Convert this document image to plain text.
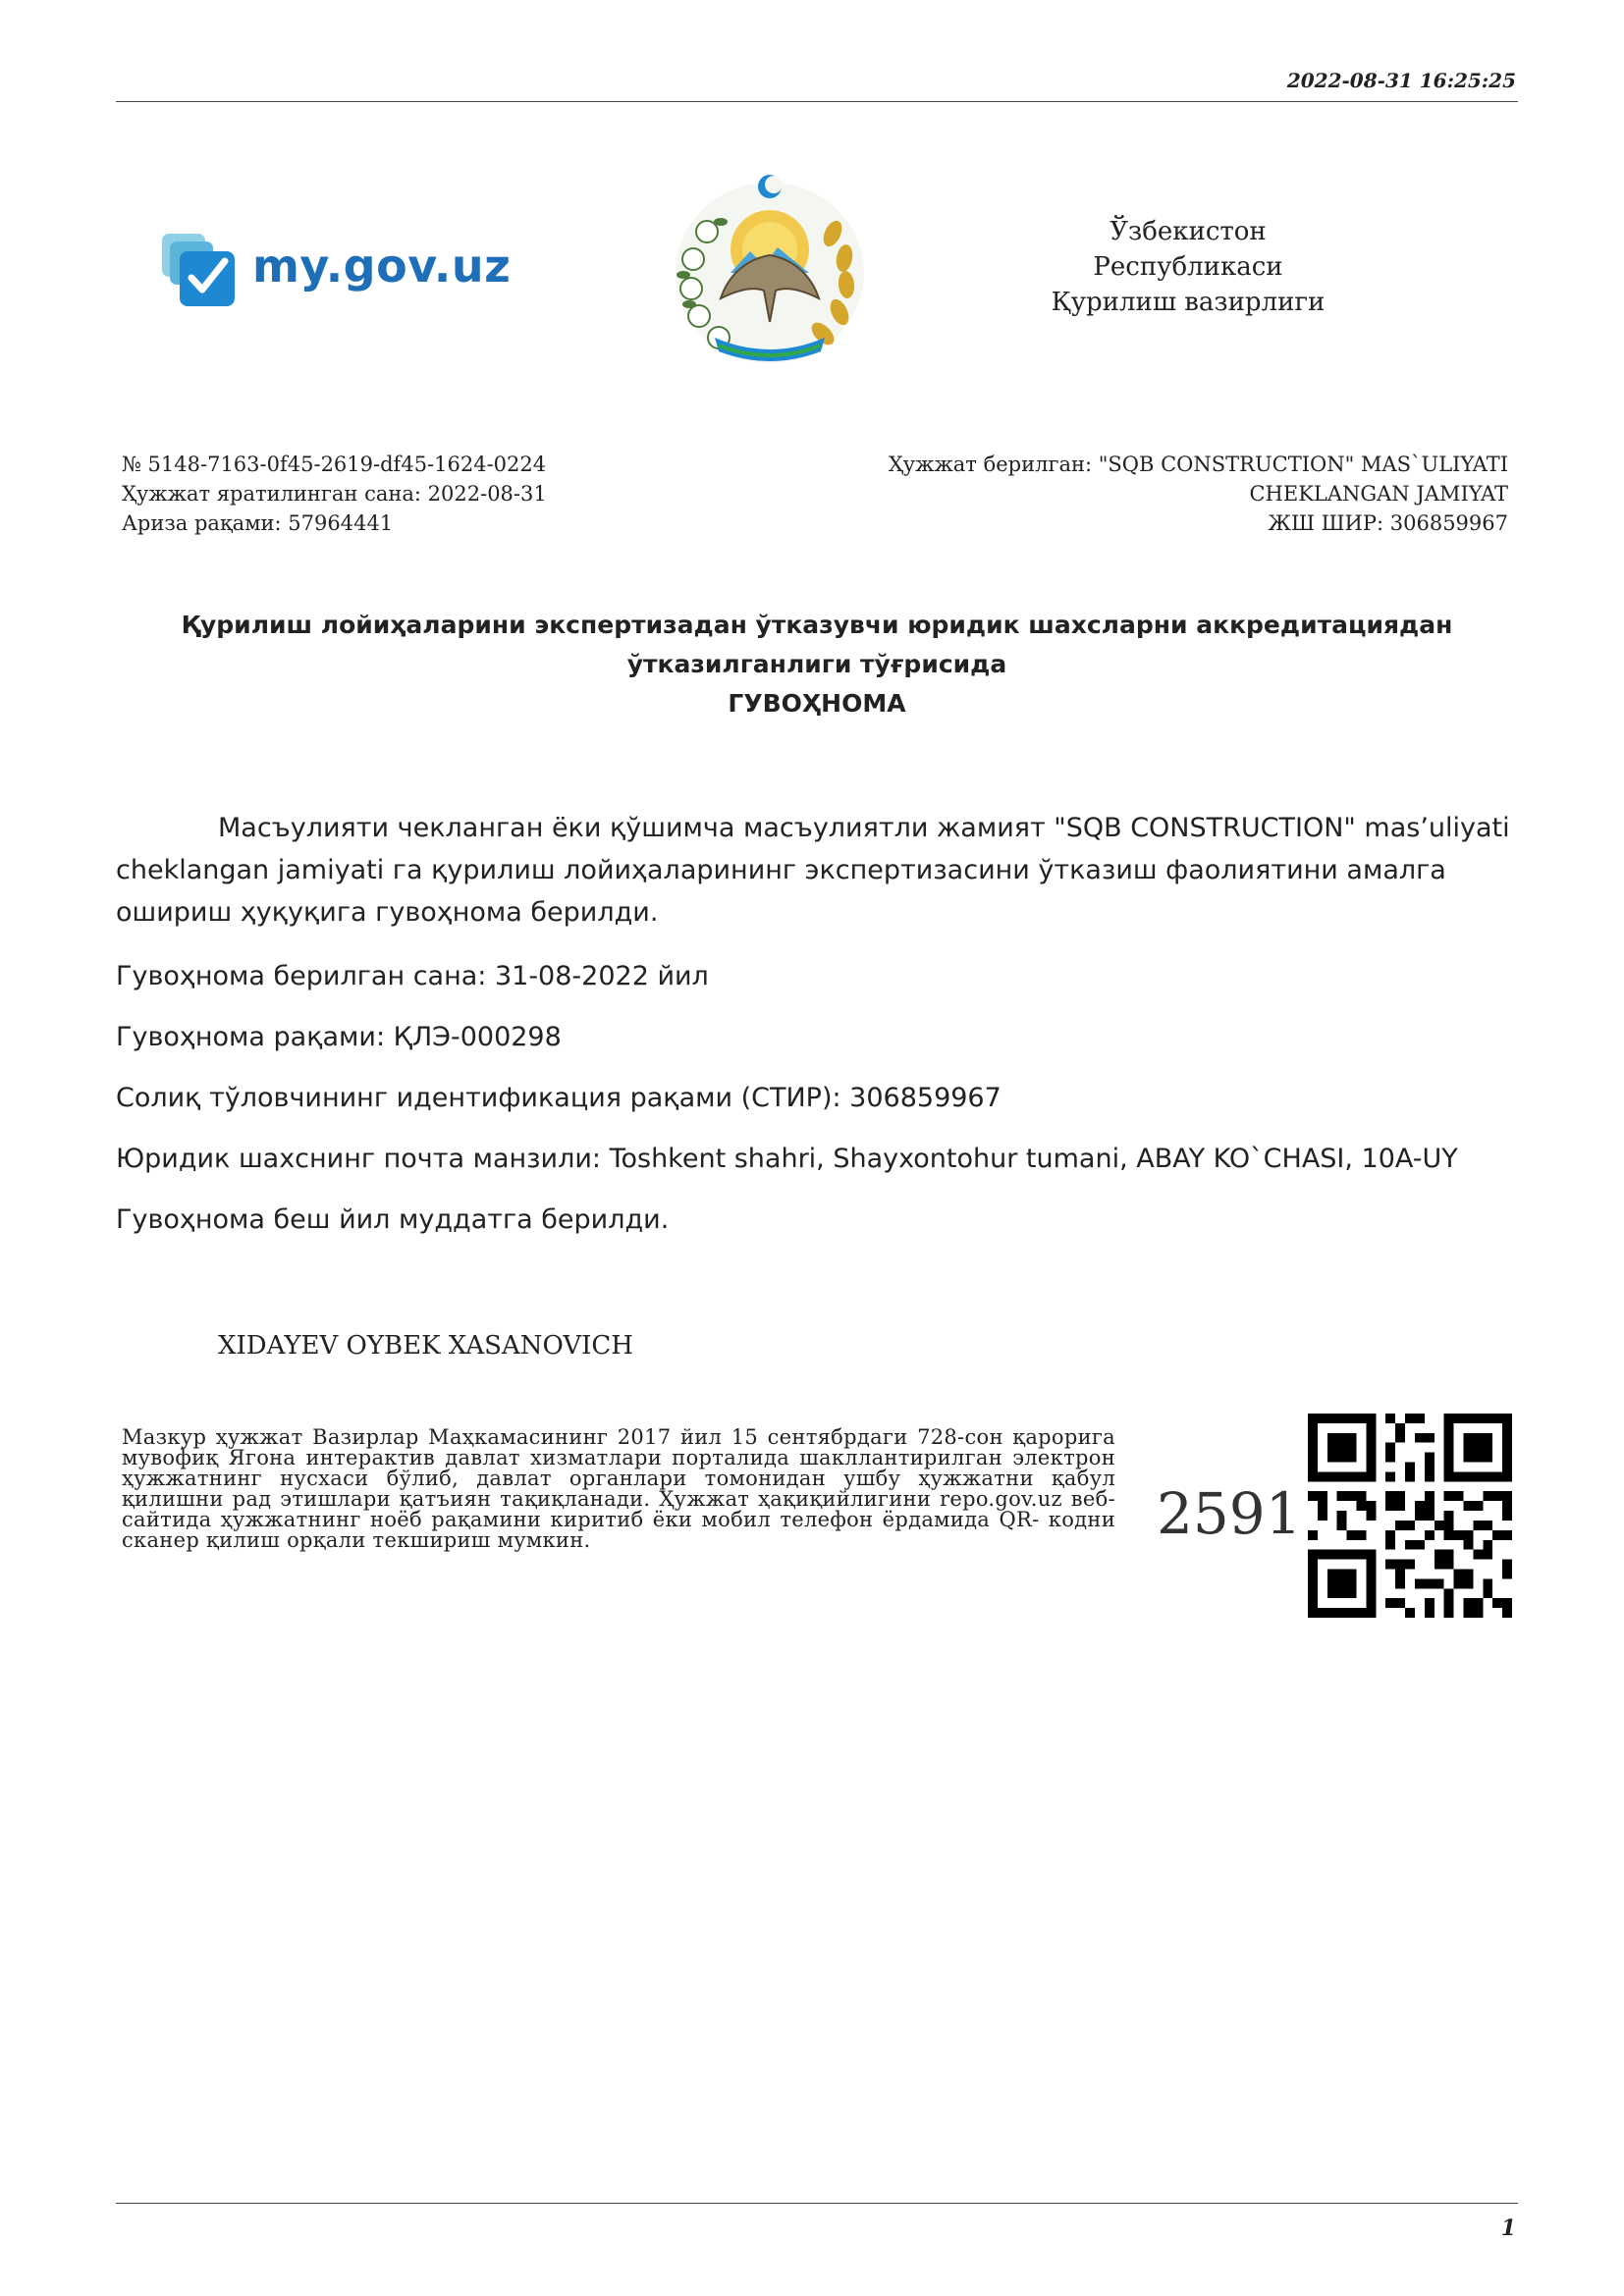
2022-08-31 16:25:25
my.gov.uz
Ўзбекистон Республикаси
Қурилиш вазирлиги
№ 5148-7163-0f45-2619-df45-1624-0224
Ҳужжат яратилинган сана: 2022-08-31
Ариза рақами: 57964441
Ҳужжат берилган: "SQB CONSTRUCTION" MAS`ULIYATI
CHEKLANGAN JAMIYAT
ЖШ ШИР: 306859967
Қурилиш лойиҳаларини экспертизадан ўтказувчи юридик шахсларни аккредитациядан
ўтказилганлиги тўғрисида
ГУВОҲНОМА

Масъулияти чекланган ёки қўшимча масъулиятли жамият "SQB CONSTRUCTION" mas’uliyati cheklangan jamiyati га қурилиш лойиҳаларининг экспертизасини ўтказиш фаолиятини амалга ошириш ҳуқуқига гувоҳнома берилди.

Гувоҳнома берилган сана: 31-08-2022 йил

Гувоҳнома рақами: ҚЛЭ-000298

Солиқ тўловчининг идентификация рақами (СТИР): 306859967

Юридик шахснинг почта манзили: Toshkent shahri, Shayxontohur tumani, ABAY KO`CHASI, 10A-UY

Гувоҳнома беш йил муддатга берилди.

XIDAYEV OYBEK XASANOVICH
Мазкур ҳужжат Вазирлар Маҳкамасининг 2017 йил 15 сентябрдаги 728-сон қарорига мувофиқ Ягона интерактив давлат хизматлари порталида шакллантирилган электрон ҳужжатнинг нусхаси бўлиб, давлат органлари томонидан ушбу ҳужжатни қабул қилишни рад этишлари қатъиян тақиқланади. Ҳужжат ҳақиқийлигини repo.gov.uz веб-сайтида ҳужжатнинг ноёб рақамини киритиб ёки мобил телефон ёрдамида QR- кодни сканер қилиш орқали текшириш мумкин.	2591
1
